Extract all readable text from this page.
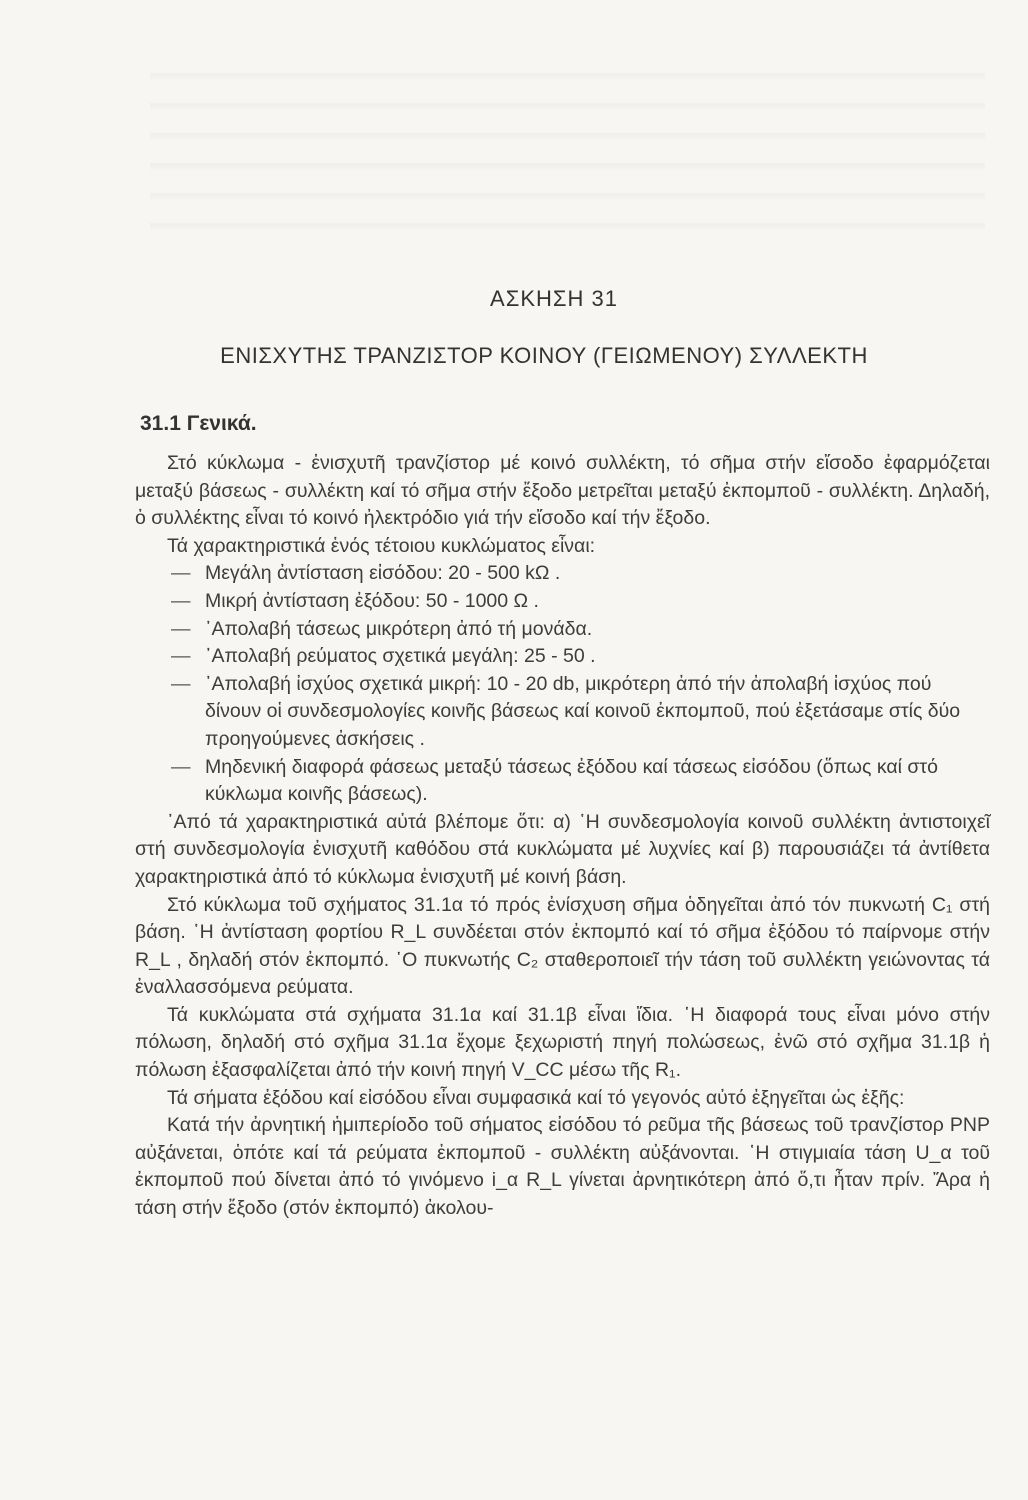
ΑΣΚΗΣΗ 31
ΕΝΙΣΧΥΤΗΣ ΤΡΑΝΖΙΣΤΟΡ ΚΟΙΝΟΥ (ΓΕΙΩΜΕΝΟΥ) ΣΥΛΛΕΚΤΗ
31.1 Γενικά.

Στό κύκλωμα - ἐνισχυτῆ τρανζίστορ μέ κοινό συλλέκτη, τό σῆμα στήν εἴσοδο ἐφαρμόζεται μεταξύ βάσεως - συλλέκτη καί τό σῆμα στήν ἔξοδο μετρεῖται μεταξύ ἐκπομποῦ - συλλέκτη. Δηλαδή, ὁ συλλέκτης εἶναι τό κοινό ἠλεκτρόδιο γιά τήν εἴσοδο καί τήν ἔξοδο.

Τά χαρακτηριστικά ἑνός τέτοιου κυκλώματος εἶναι:

— Μεγάλη ἀντίσταση εἰσόδου: 20 - 500 kΩ .
— Μικρή ἀντίσταση ἐξόδου: 50 - 1000 Ω .
— ᾿Απολαβή τάσεως μικρότερη ἀπό τή μονάδα.
— ᾿Απολαβή ρεύματος σχετικά μεγάλη: 25 - 50 .
— ᾿Απολαβή ἰσχύος σχετικά μικρή: 10 - 20 db, μικρότερη ἀπό τήν ἀπολαβή ἰσχύος πού δίνουν οἱ συνδεσμολογίες κοινῆς βάσεως καί κοινοῦ ἐκπομποῦ, πού ἐξετάσαμε στίς δύο προηγούμενες ἀσκήσεις .
— Μηδενική διαφορά φάσεως μεταξύ τάσεως ἐξόδου καί τάσεως εἰσόδου (ὅπως καί στό κύκλωμα κοινῆς βάσεως).

᾿Από τά χαρακτηριστικά αὐτά βλέπομε ὅτι: α) ῾Η συνδεσμολογία κοινοῦ συλλέκτη ἀντιστοιχεῖ στή συνδεσμολογία ἐνισχυτῆ καθόδου στά κυκλώματα μέ λυχνίες καί β) παρουσιάζει τά ἀντίθετα χαρακτηριστικά ἀπό τό κύκλωμα ἐνισχυτῆ μέ κοινή βάση.

Στό κύκλωμα τοῦ σχήματος 31.1α τό πρός ἐνίσχυση σῆμα ὁδηγεῖται ἀπό τόν πυκνωτή C₁ στή βάση. ῾Η ἀντίσταση φορτίου R_L συνδέεται στόν ἐκπομπό καί τό σῆμα ἐξόδου τό παίρνομε στήν R_L , δηλαδή στόν ἐκπομπό. ῾Ο πυκνωτής C₂ σταθεροποιεῖ τήν τάση τοῦ συλλέκτη γειώνοντας τά ἐναλλασσόμενα ρεύματα.

Τά κυκλώματα στά σχήματα 31.1α καί 31.1β εἶναι ἴδια. ῾Η διαφορά τους εἶναι μόνο στήν πόλωση, δηλαδή στό σχῆμα 31.1α ἔχομε ξεχωριστή πηγή πολώσεως, ἐνῶ στό σχῆμα 31.1β ἡ πόλωση ἐξασφαλίζεται ἀπό τήν κοινή πηγή V_CC μέσω τῆς R₁.

Τά σήματα ἐξόδου καί εἰσόδου εἶναι συμφασικά καί τό γεγονός αὐτό ἐξηγεῖται ὡς ἐξῆς:

Κατά τήν ἀρνητική ἡμιπερίοδο τοῦ σήματος εἰσόδου τό ρεῦμα τῆς βάσεως τοῦ τρανζίστορ PNP αὐξάνεται, ὁπότε καί τά ρεύματα ἐκπομποῦ - συλλέκτη αὐξάνονται. ῾Η στιγμιαία τάση U_α τοῦ ἐκπομποῦ πού δίνεται ἀπό τό γινόμενο i_α R_L γίνεται ἀρνητικότερη ἀπό ὅ,τι ἦταν πρίν. Ἄρα ἡ τάση στήν ἔξοδο (στόν ἐκπομπό) ἀκολου-
